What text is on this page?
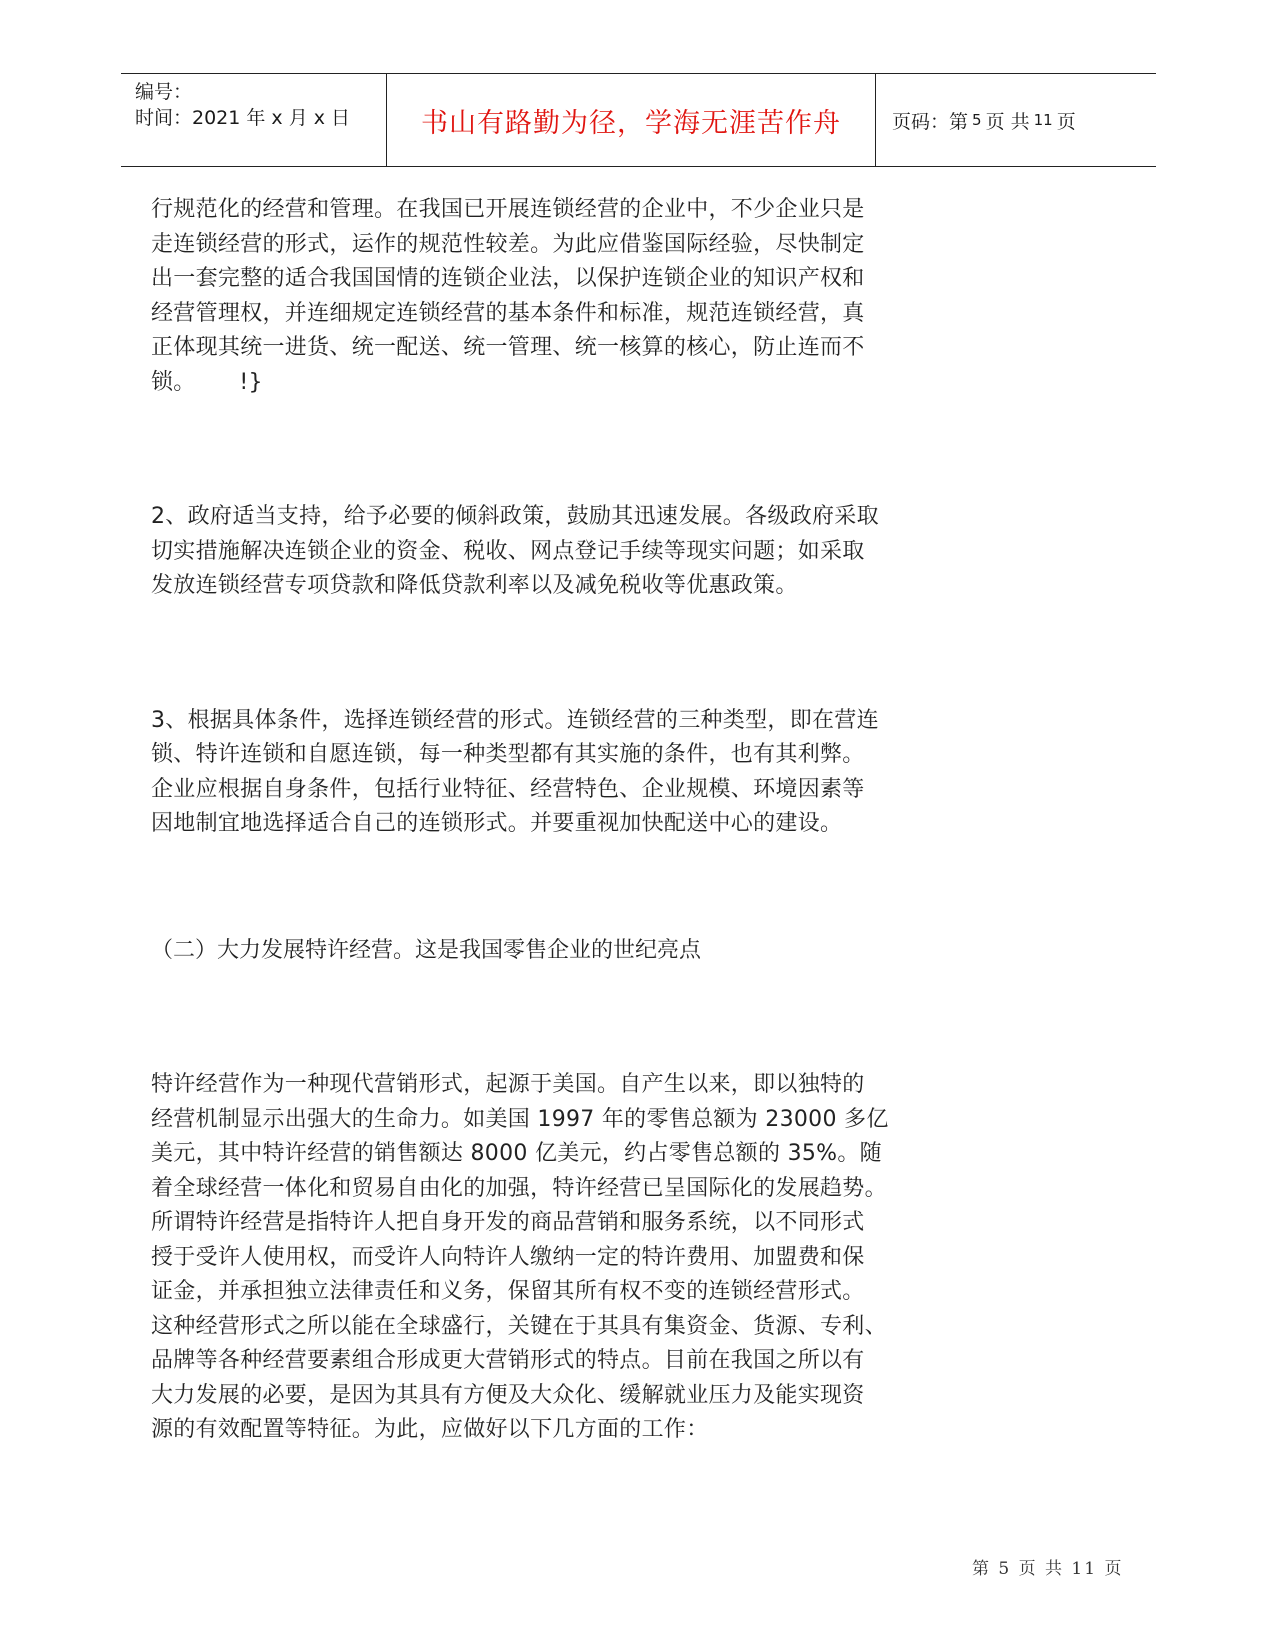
编号：
时间：2021 年 x 月 x 日	书山有路勤为径，学海无涯苦作舟	页码：第 5 页 共 11 页

行规范化的经营和管理。在我国已开展连锁经营的企业中，不少企业只是
走连锁经营的形式，运作的规范性较差。为此应借鉴国际经验，尽快制定
出一套完整的适合我国国情的连锁企业法，以保护连锁企业的知识产权和
经营管理权，并连细规定连锁经营的基本条件和标准，规范连锁经营，真
正体现其统一进货、统一配送、统一管理、统一核算的核心，防止连而不
锁。      !}

2、政府适当支持，给予必要的倾斜政策，鼓励其迅速发展。各级政府采取
切实措施解决连锁企业的资金、税收、网点登记手续等现实问题；如采取
发放连锁经营专项贷款和降低贷款利率以及减免税收等优惠政策。

3、根据具体条件，选择连锁经营的形式。连锁经营的三种类型，即在营连
锁、特许连锁和自愿连锁，每一种类型都有其实施的条件，也有其利弊。
企业应根据自身条件，包括行业特征、经营特色、企业规模、环境因素等
因地制宜地选择适合自己的连锁形式。并要重视加快配送中心的建设。

（二）大力发展特许经营。这是我国零售企业的世纪亮点

特许经营作为一种现代营销形式，起源于美国。自产生以来，即以独特的
经营机制显示出强大的生命力。如美国 1997 年的零售总额为 23000 多亿
美元，其中特许经营的销售额达 8000 亿美元，约占零售总额的 35%。随
着全球经营一体化和贸易自由化的加强，特许经营已呈国际化的发展趋势。
所谓特许经营是指特许人把自身开发的商品营销和服务系统，以不同形式
授于受许人使用权，而受许人向特许人缴纳一定的特许费用、加盟费和保
证金，并承担独立法律责任和义务，保留其所有权不变的连锁经营形式。
这种经营形式之所以能在全球盛行，关键在于其具有集资金、货源、专利、
品牌等各种经营要素组合形成更大营销形式的特点。目前在我国之所以有
大力发展的必要，是因为其具有方便及大众化、缓解就业压力及能实现资
源的有效配置等特征。为此，应做好以下几方面的工作：

第 5 页 共 11 页
